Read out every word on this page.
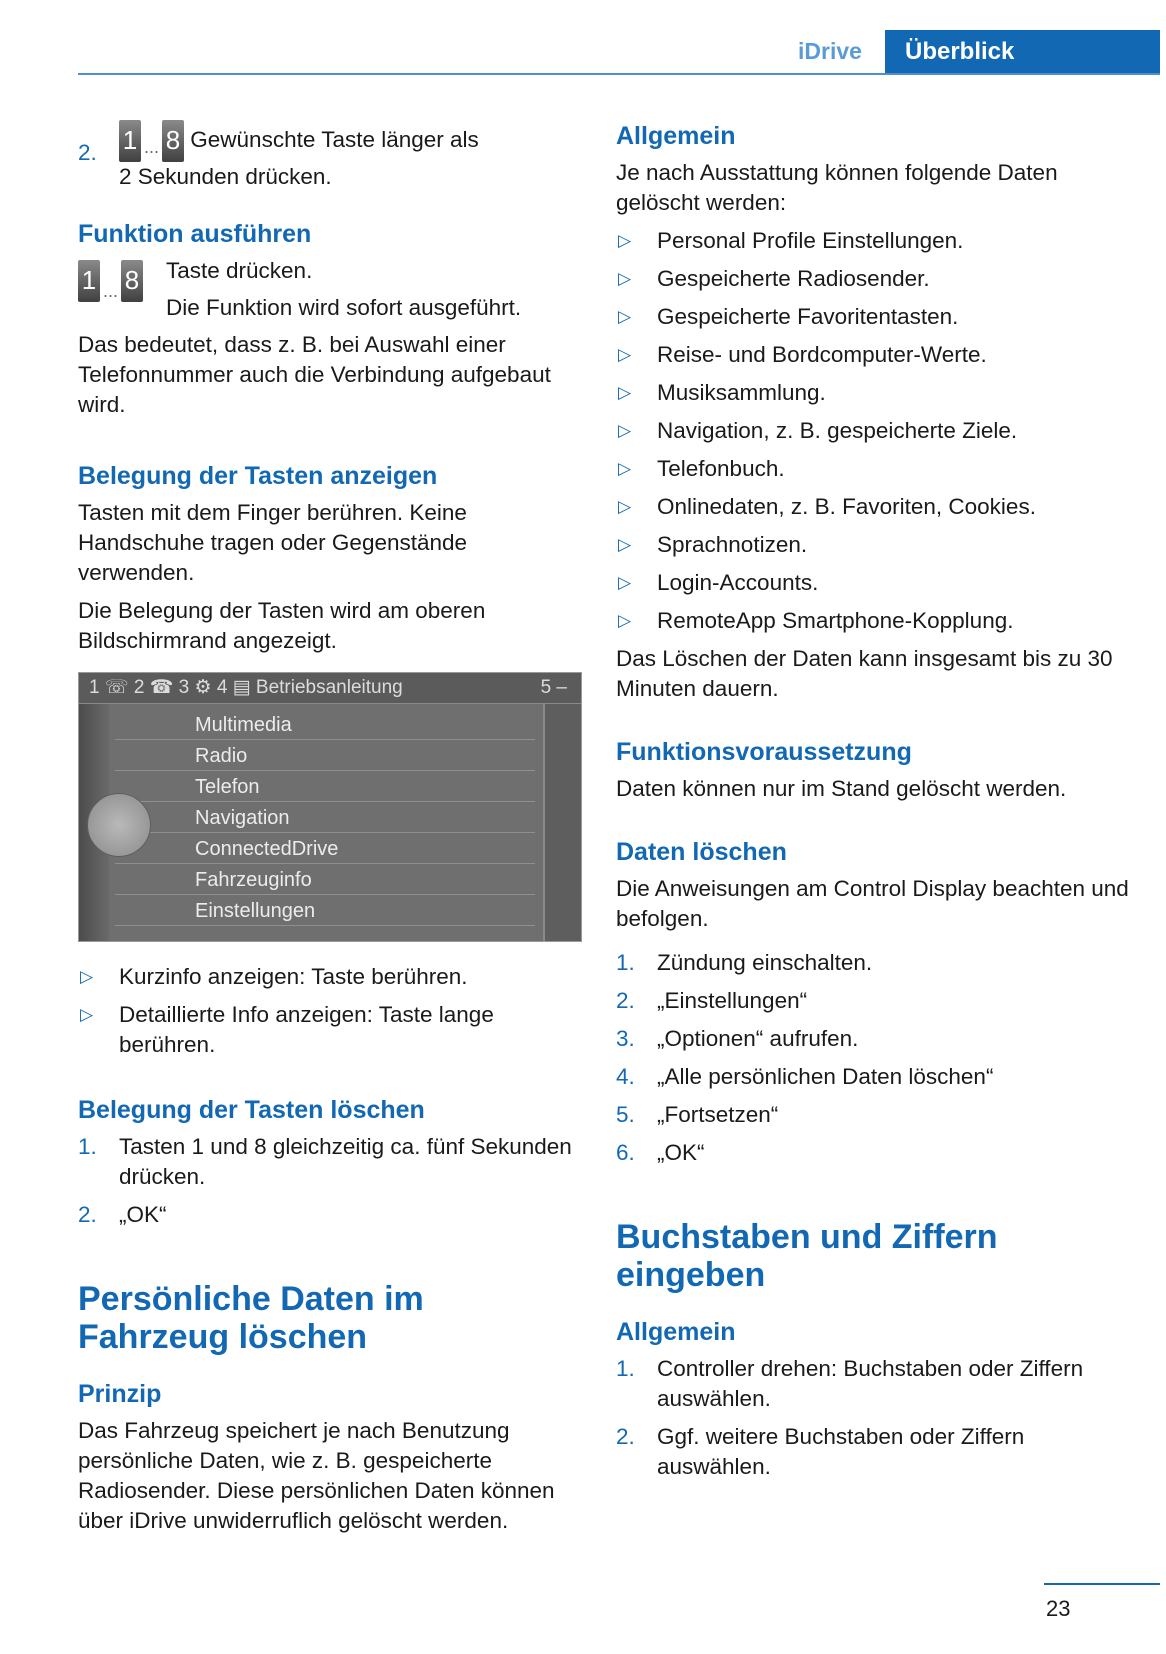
iDrive	Überblick
2. 1 ... 8 Gewünschte Taste länger als
2 Sekunden drücken.
Funktion ausführen
1 ... 8 Taste drücken.
Die Funktion wird sofort ausgeführt.

Das bedeutet, dass z. B. bei Auswahl einer Telefonnummer auch die Verbindung aufgebaut wird.

Belegung der Tasten anzeigen

Tasten mit dem Finger berühren. Keine Handschuhe tragen oder Gegenstände verwenden.

Die Belegung der Tasten wird am oberen Bildschirmrand angezeigt.

1 ☏ 2 ☎ 3 ⚙ 4 ▤ Betriebsanleitung	5 –
Multimedia
Radio
Telefon
Navigation
ConnectedDrive
Fahrzeuginfo
Einstellungen
▷ Kurzinfo anzeigen: Taste berühren.
▷ Detaillierte Info anzeigen: Taste lange berühren.
Belegung der Tasten löschen
1. Tasten 1 und 8 gleichzeitig ca. fünf Sekunden drücken.
2. „OK“
Persönliche Daten im
Fahrzeug löschen
Prinzip

Das Fahrzeug speichert je nach Benutzung persönliche Daten, wie z. B. gespeicherte Radiosender. Diese persönlichen Daten können über iDrive unwiderruflich gelöscht werden.

Allgemein

Je nach Ausstattung können folgende Daten gelöscht werden:

▷ Personal Profile Einstellungen.
▷ Gespeicherte Radiosender.
▷ Gespeicherte Favoritentasten.
▷ Reise- und Bordcomputer-Werte.
▷ Musiksammlung.
▷ Navigation, z. B. gespeicherte Ziele.
▷ Telefonbuch.
▷ Onlinedaten, z. B. Favoriten, Cookies.
▷ Sprachnotizen.
▷ Login-Accounts.
▷ RemoteApp Smartphone-Kopplung.

Das Löschen der Daten kann insgesamt bis zu 30 Minuten dauern.

Funktionsvoraussetzung

Daten können nur im Stand gelöscht werden.

Daten löschen

Die Anweisungen am Control Display beachten und befolgen.

1. Zündung einschalten.
2. „Einstellungen“
3. „Optionen“ aufrufen.
4. „Alle persönlichen Daten löschen“
5. „Fortsetzen“
6. „OK“
Buchstaben und Ziffern
eingeben
Allgemein
1. Controller drehen: Buchstaben oder Ziffern auswählen.
2. Ggf. weitere Buchstaben oder Ziffern auswählen.
23
